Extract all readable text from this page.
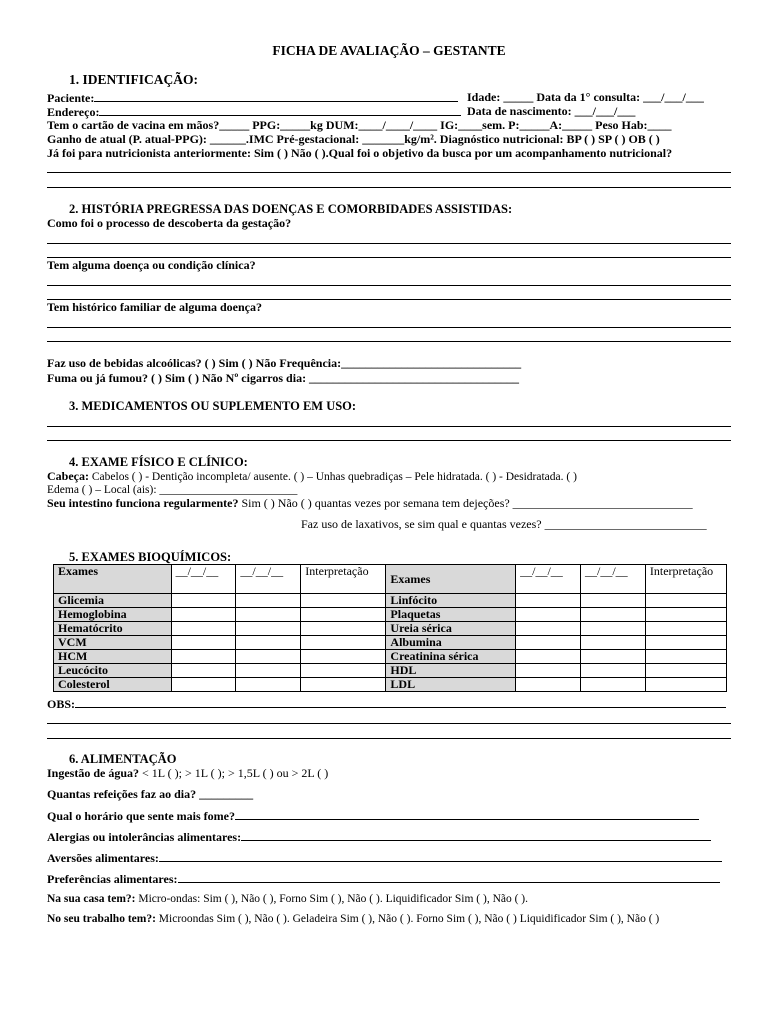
FICHA DE AVALIAÇÃO – GESTANTE
1. IDENTIFICAÇÃO:
Paciente:	Idade: _____ Data da 1° consulta: ___/___/___
Endereço:	Data de nascimento: ___/___/___
Tem o cartão de vacina em mãos?_____ PPG:_____kg DUM:____/____/____ IG:____sem. P:_____A:_____ Peso Hab:____
Ganho de atual (P. atual-PPG): ______.IMC Pré-gestacional: _______kg/m². Diagnóstico nutricional: BP ( ) SP ( ) OB ( )
Já foi para nutricionista anteriormente: Sim ( ) Não ( ).Qual foi o objetivo da busca por um acompanhamento nutricional?
2. HISTÓRIA PREGRESSA DAS DOENÇAS E COMORBIDADES ASSISTIDAS:
Como foi o processo de descoberta da gestação?
Tem alguma doença ou condição clínica?
Tem histórico familiar de alguma doença?
Faz uso de bebidas alcoólicas? ( ) Sim ( ) Não Frequência:______________________________
Fuma ou já fumou? ( ) Sim ( ) Não Nº cigarros dia: ___________________________________
3. MEDICAMENTOS OU SUPLEMENTO EM USO:
4. EXAME FÍSICO E CLÍNICO:
Cabeça: Cabelos ( ) - Dentição incompleta/ ausente. ( ) – Unhas quebradiças – Pele hidratada. ( ) - Desidratada. ( )
Edema ( ) – Local (ais): ________________________
Seu intestino funciona regularmente? Sim ( ) Não ( ) quantas vezes por semana tem dejeções? ______________________________
Faz uso de laxativos, se sim qual e quantas vezes? ___________________________
5. EXAMES BIOQUÍMICOS:
Exames	__/__/__	__/__/__	Interpretação	Exames	__/__/__	__/__/__	Interpretação
Glicemia				Linfócito			
Hemoglobina				Plaquetas			
Hematócrito				Ureia sérica			
VCM				Albumina			
HCM				Creatinina sérica			
Leucócito				HDL			
Colesterol				LDL			
OBS:
6. ALIMENTAÇÃO
Ingestão de água? < 1L ( ); > 1L ( ); > 1,5L ( ) ou > 2L ( )
Quantas refeições faz ao dia? _________
Qual o horário que sente mais fome?
Alergias ou intolerâncias alimentares:
Aversões alimentares:
Preferências alimentares:
Na sua casa tem?: Micro-ondas: Sim ( ), Não ( ), Forno Sim ( ), Não ( ). Liquidificador Sim ( ), Não ( ).
No seu trabalho tem?: Microondas Sim ( ), Não ( ). Geladeira Sim ( ), Não ( ). Forno Sim ( ), Não ( ) Liquidificador Sim ( ), Não ( )
